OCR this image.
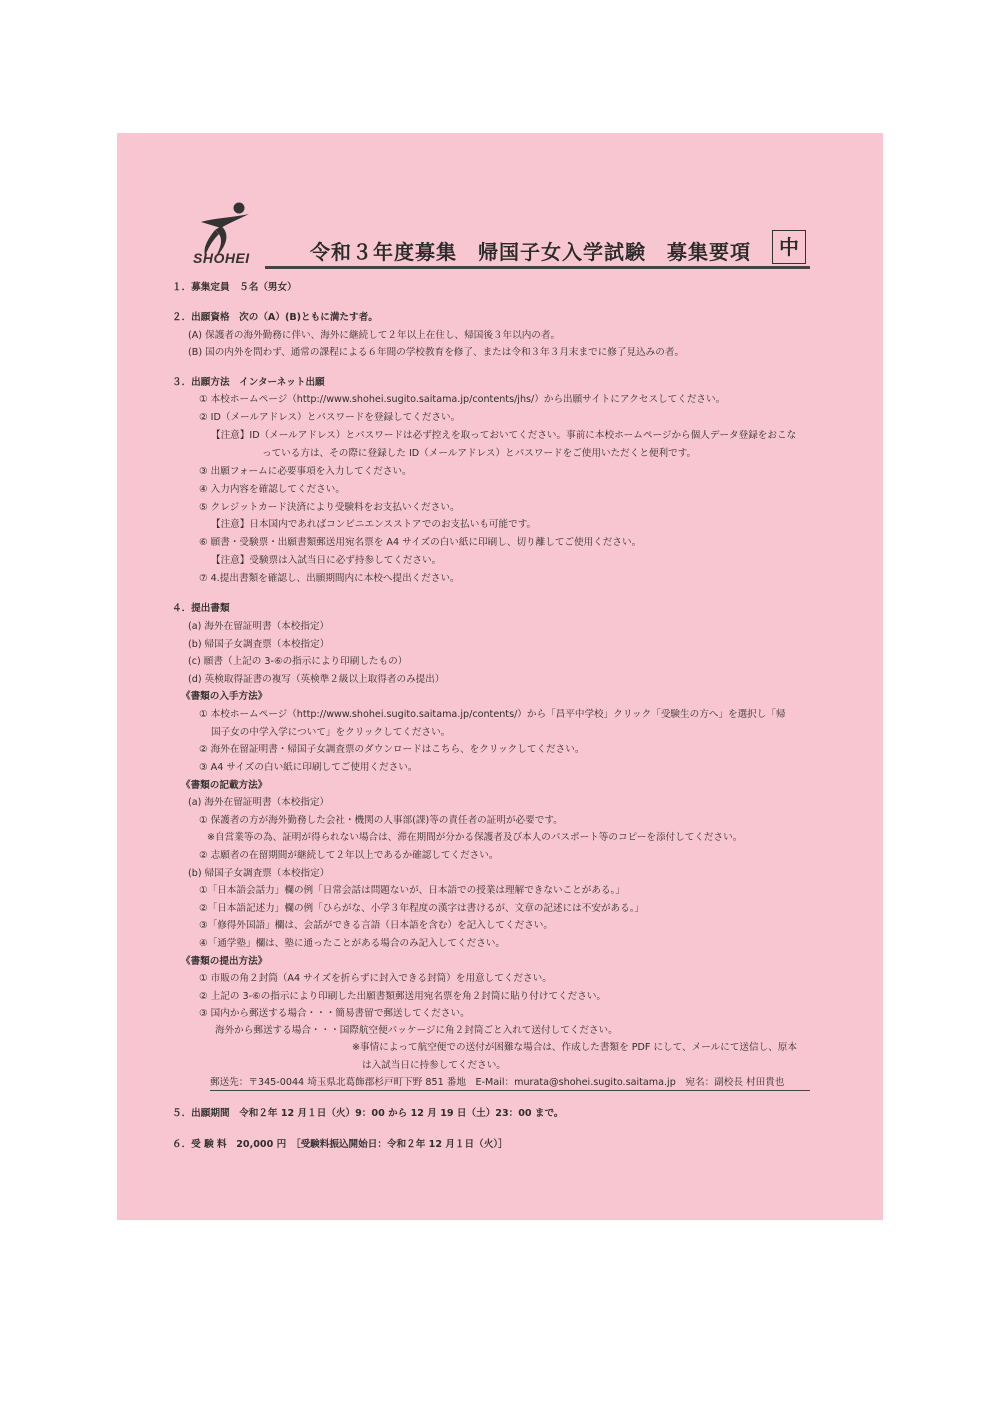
SHOHEI	令和３年度募集　帰国子女入学試験　募集要項	中
１．募集定員　５名（男女）
２．出願資格　次の（A）(B)ともに満たす者。
(A) 保護者の海外勤務に伴い、海外に継続して２年以上在住し、帰国後３年以内の者。
(B) 国の内外を問わず、通常の課程による６年間の学校教育を修了、または令和３年３月末までに修了見込みの者。
３．出願方法　インターネット出願
① 本校ホームページ（http://www.shohei.sugito.saitama.jp/contents/jhs/）から出願サイトにアクセスしてください。
② ID（メールアドレス）とパスワードを登録してください。
【注意】ID（メールアドレス）とパスワードは必ず控えを取っておいてください。事前に本校ホームページから個人データ登録をおこな
っている方は、その際に登録した ID（メールアドレス）とパスワードをご使用いただくと便利です。
③ 出願フォームに必要事項を入力してください。
④ 入力内容を確認してください。
⑤ クレジットカード決済により受験料をお支払いください。
【注意】日本国内であればコンビニエンスストアでのお支払いも可能です。
⑥ 願書・受験票・出願書類郵送用宛名票を A4 サイズの白い紙に印刷し、切り離してご使用ください。
【注意】受験票は入試当日に必ず持参してください。
⑦ 4.提出書類を確認し、出願期間内に本校へ提出ください。
４．提出書類
(a) 海外在留証明書（本校指定）
(b) 帰国子女調査票（本校指定）
(c) 願書（上記の 3-⑥の指示により印刷したもの）
(d) 英検取得証書の複写（英検準２級以上取得者のみ提出）
《書類の入手方法》
① 本校ホームページ（http://www.shohei.sugito.saitama.jp/contents/）から「昌平中学校」クリック「受験生の方へ」を選択し「帰
国子女の中学入学について」をクリックしてください。
② 海外在留証明書・帰国子女調査票のダウンロードはこちら、をクリックしてください。
③ A4 サイズの白い紙に印刷してご使用ください。
《書類の記載方法》
(a) 海外在留証明書（本校指定）
① 保護者の方が海外勤務した会社・機関の人事部(課)等の責任者の証明が必要です。
※自営業等の為、証明が得られない場合は、滞在期間が分かる保護者及び本人のパスポート等のコピーを添付してください。
② 志願者の在留期間が継続して２年以上であるか確認してください。
(b) 帰国子女調査票（本校指定）
①「日本語会話力」欄の例「日常会話は問題ないが、日本語での授業は理解できないことがある。」
②「日本語記述力」欄の例「ひらがな、小学３年程度の漢字は書けるが、文章の記述には不安がある。」
③「修得外国語」欄は、会話ができる言語（日本語を含む）を記入してください。
④「通学塾」欄は、塾に通ったことがある場合のみ記入してください。
《書類の提出方法》
① 市販の角２封筒（A4 サイズを折らずに封入できる封筒）を用意してください。
② 上記の 3-⑥の指示により印刷した出願書類郵送用宛名票を角２封筒に貼り付けてください。
③ 国内から郵送する場合・・・簡易書留で郵送してください。
海外から郵送する場合・・・国際航空便パッケージに角２封筒ごと入れて送付してください。
※事情によって航空便での送付が困難な場合は、作成した書類を PDF にして、メールにて送信し、原本
は入試当日に持参してください。
郵送先：〒345-0044 埼玉県北葛飾郡杉戸町下野 851 番地　E-Mail：murata@shohei.sugito.saitama.jp　宛名：副校長 村田貴也
５．出願期間　令和２年 12 月１日（火）9：00 から 12 月 19 日（土）23：00 まで。
６．受 験 料　20,000 円　［受験料振込開始日：令和２年 12 月１日（火）］
